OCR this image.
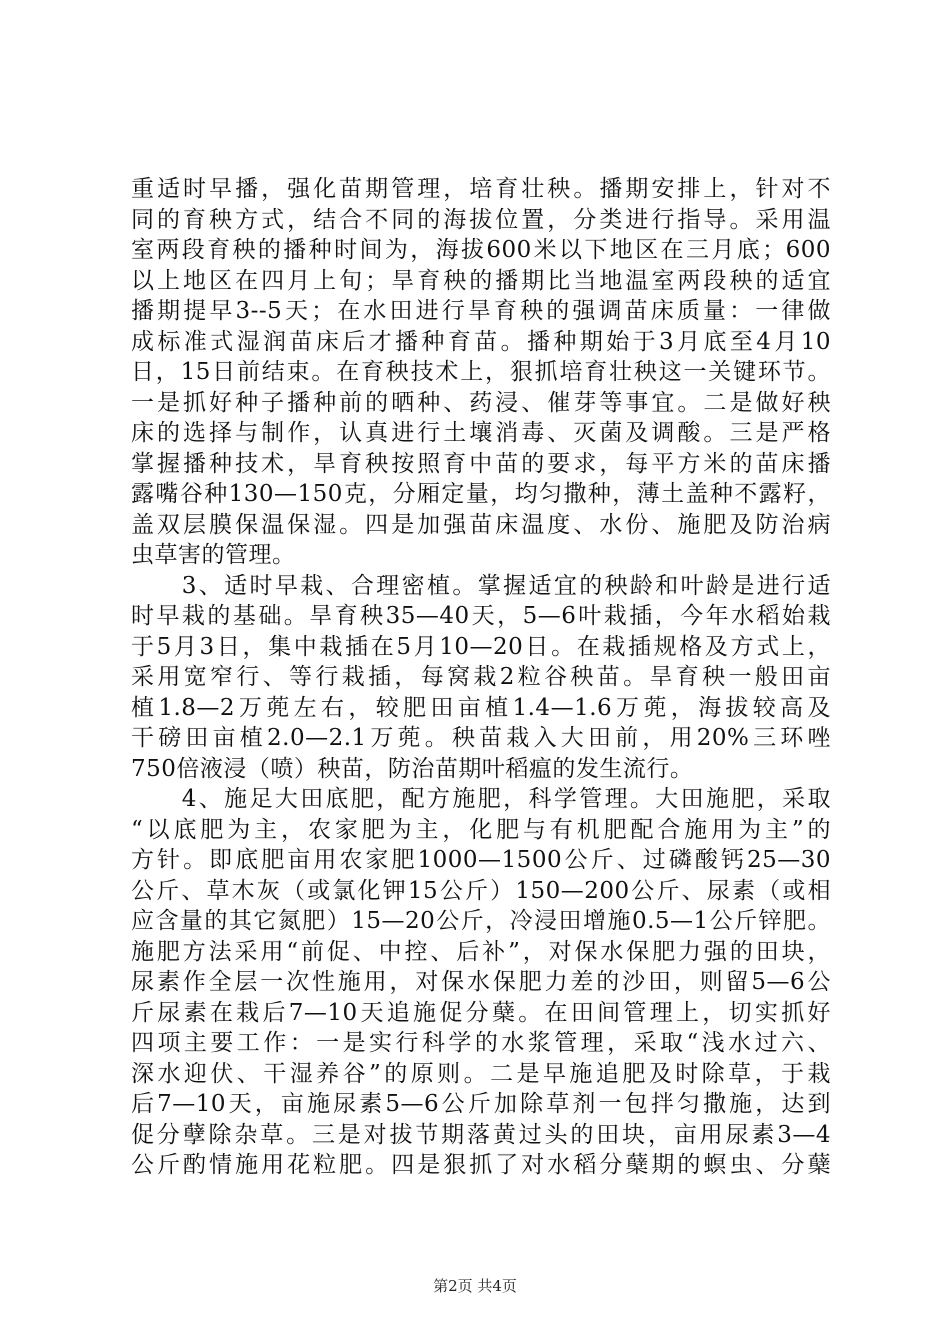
重适时早播，强化苗期管理，培育壮秧。播期安排上，针对不
同的育秧方式，结合不同的海拔位置，分类进行指导。采用温
室两段育秧的播种时间为，海拔600米以下地区在三月底；600
以上地区在四月上旬；旱育秧的播期比当地温室两段秧的适宜
播期提早3--5天；在水田进行旱育秧的强调苗床质量：一律做
成标准式湿润苗床后才播种育苗。播种期始于3月底至4月10
日，15日前结束。在育秧技术上，狠抓培育壮秧这一关键环节。
一是抓好种子播种前的晒种、药浸、催芽等事宜。二是做好秧
床的选择与制作，认真进行土壤消毒、灭菌及调酸。三是严格
掌握播种技术，旱育秧按照育中苗的要求，每平方米的苗床播
露嘴谷种130—150克，分厢定量，均匀撒种，薄土盖种不露籽，
盖双层膜保温保湿。四是加强苗床温度、水份、施肥及防治病
虫草害的管理。
　　3、适时早栽、合理密植。掌握适宜的秧龄和叶龄是进行适
时早栽的基础。旱育秧35—40天，5—6叶栽插，今年水稻始栽
于5月3日，集中栽插在5月10—20日。在栽插规格及方式上，
采用宽窄行、等行栽插，每窝栽2粒谷秧苗。旱育秧一般田亩
植1.8—2万蔸左右，较肥田亩植1.4—1.6万蔸，海拔较高及
干磅田亩植2.0—2.1万蔸。秧苗栽入大田前，用20%三环唑
750倍液浸（喷）秧苗，防治苗期叶稻瘟的发生流行。
　　4、施足大田底肥，配方施肥，科学管理。大田施肥，采取
“以底肥为主，农家肥为主，化肥与有机肥配合施用为主”的
方针。即底肥亩用农家肥1000—1500公斤、过磷酸钙25—30
公斤、草木灰（或氯化钾15公斤）150—200公斤、尿素（或相
应含量的其它氮肥）15—20公斤，冷浸田增施0.5—1公斤锌肥。
施肥方法采用“前促、中控、后补”，对保水保肥力强的田块，
尿素作全层一次性施用，对保水保肥力差的沙田，则留5—6公
斤尿素在栽后7—10天追施促分蘖。在田间管理上，切实抓好
四项主要工作：一是实行科学的水浆管理，采取“浅水过六、
深水迎伏、干湿养谷”的原则。二是早施追肥及时除草，于栽
后7—10天，亩施尿素5—6公斤加除草剂一包拌匀撒施，达到
促分孽除杂草。三是对拔节期落黄过头的田块，亩用尿素3—4
公斤酌情施用花粒肥。四是狠抓了对水稻分蘖期的螟虫、分蘖
第2页 共4页
